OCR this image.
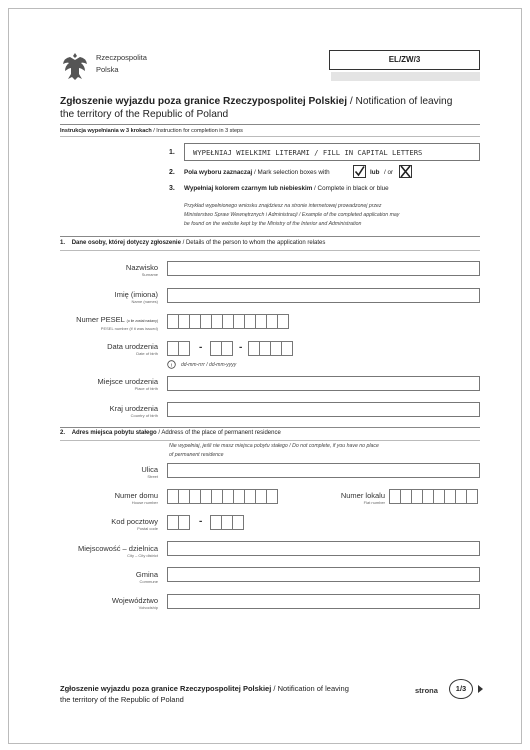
Rzeczpospolita
Polska
EL/ZW/3
Zgłoszenie wyjazdu poza granice Rzeczypospolitej Polskiej / Notification of leaving
the territory of the Republic of Poland
Instrukcja wypełniania w 3 krokach / Instruction for completion in 3 steps
1.	WYPEŁNIAJ WIELKIMI LITERAMI / FILL IN CAPITAL LETTERS
2. Pola wyboru zaznaczaj / Mark selection boxes with	lub / or
3. Wypełniaj kolorem czarnym lub niebieskim / Complete in black or blue
Przykład wypełnionego wniosku znajdziesz na stronie internetowej prowadzonej przez
Ministerstwo Spraw Wewnętrznych i Administracji / Example of the completed application may
be found on the website kept by the Ministry of the Interior and Administration
1. Dane osoby, której dotyczy zgłoszenie / Details of the person to whom the application relates
Nazwisko
Surname
Imię (imiona)
Name (names)
Numer PESEL (o ile został nadany)
PESEL number (if it was issued)
Data urodzenia
Date of birth
-	-
i dd-mm-rrrr / dd-mm-yyyy
Miejsce urodzenia
Place of birth
Kraj urodzenia
Country of birth
2. Adres miejsca pobytu stałego / Address of the place of permanent residence
Nie wypełniaj, jeśli nie masz miejsca pobytu stałego / Do not complete, if you have no place
of permanent residence
Ulica
Street
Numer domu
House number
Numer lokalu
Flat number
Kod pocztowy
Postal code
-
Miejscowość – dzielnica
City – City district
Gmina
Commune
Województwo
Voivodship
Zgłoszenie wyjazdu poza granice Rzeczypospolitej Polskiej / Notification of leaving
the territory of the Republic of Poland
strona	1/3
